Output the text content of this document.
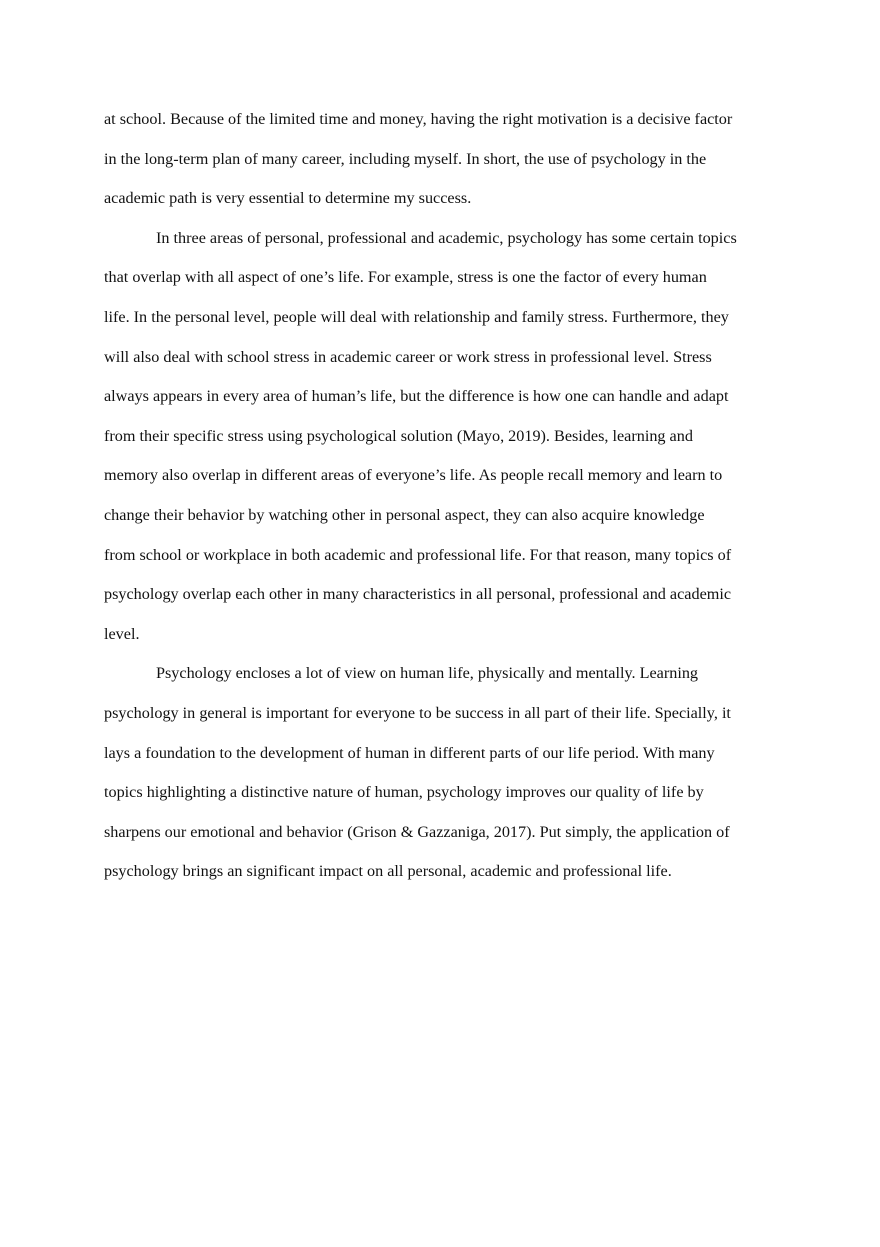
at school. Because of the limited time and money, having the right motivation is a decisive factor
in the long-term plan of many career, including myself. In short, the use of psychology in the
academic path is very essential to determine my success.
In three areas of personal, professional and academic, psychology has some certain topics
that overlap with all aspect of one’s life. For example, stress is one the factor of every human
life. In the personal level, people will deal with relationship and family stress. Furthermore, they
will also deal with school stress in academic career or work stress in professional level. Stress
always appears in every area of human’s life, but the difference is how one can handle and adapt
from their specific stress using psychological solution (Mayo, 2019). Besides, learning and
memory also overlap in different areas of everyone’s life. As people recall memory and learn to
change their behavior by watching other in personal aspect, they can also acquire knowledge
from school or workplace in both academic and professional life. For that reason, many topics of
psychology overlap each other in many characteristics in all personal, professional and academic
level.
Psychology encloses a lot of view on human life, physically and mentally. Learning
psychology in general is important for everyone to be success in all part of their life. Specially, it
lays a foundation to the development of human in different parts of our life period. With many
topics highlighting a distinctive nature of human, psychology improves our quality of life by
sharpens our emotional and behavior (Grison & Gazzaniga, 2017). Put simply, the application of
psychology brings an significant impact on all personal, academic and professional life.
